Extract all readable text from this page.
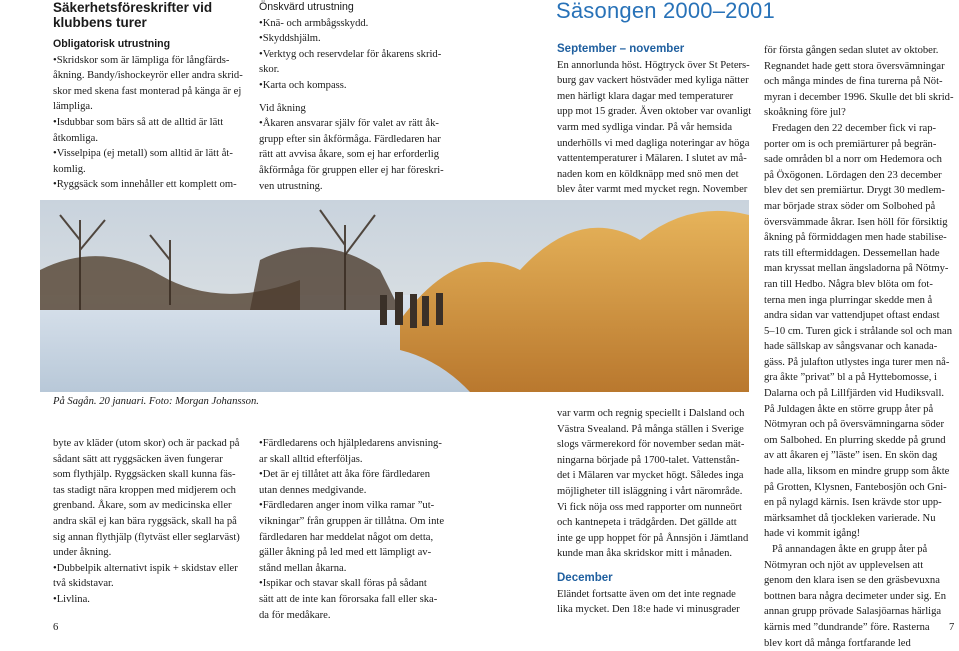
Säkerhetsföreskrifter vid klubbens turer

Obligatorisk utrustning

•Skridskor som är lämpliga för långfärds-
åkning. Bandy/ishockeyrör eller andra skrid-
skor med skena fast monterad på känga är ej
lämpliga.
•Isdubbar som bärs så att de alltid är lätt
åtkomliga.
•Visselpipa (ej metall) som alltid är lätt åt-
komlig.
•Ryggsäck som innehåller ett komplett om-

Önskvärd utrustning

•Knä- och armbågsskydd.
•Skyddshjälm.
•Verktyg och reservdelar för åkarens skrid-
skor.
•Karta och kompass.

Vid åkning

•Åkaren ansvarar själv för valet av rätt åk-
grupp efter sin åkförmåga. Färdledaren har
rätt att avvisa åkare, som ej har erforderlig
åkförmåga för gruppen eller ej har föreskri-
ven utrustning.
Säsongen 2000–2001

September – november

En annorlunda höst. Högtryck över St Peters-
burg gav vackert höstväder med kyliga nätter
men härligt klara dagar med temperaturer
upp mot 15 grader. Även oktober var ovanligt
varm med sydliga vindar. På vår hemsida
underhölls vi med dagliga noteringar av höga
vattentemperaturer i Mälaren. I slutet av må-
naden kom en köldknäpp med snö men det
blev åter varmt med mycket regn. November
för första gången sedan slutet av oktober.
Regnandet hade gett stora översvämningar
och många mindes de fina turerna på Nöt-
myran i december 1996. Skulle det bli skrid-
skoåkning före jul?
Fredagen den 22 december fick vi rap-
porter om is och premiärturer på begrän-
sade områden bl a norr om Hedemora och
på Öxögonen. Lördagen den 23 december
blev det sen premiärtur. Drygt 30 medlem-
mar började strax söder om Solbohed på
översvämmade åkrar. Isen höll för försiktig
åkning på förmiddagen men hade stabilise-
rats till eftermiddagen. Dessemellan hade
man kryssat mellan ängsladorna på Nötmy-
ran till Hedbo. Några blev blöta om fot-
terna men inga plurringar skedde men å
andra sidan var vattendjupet oftast endast
5–10 cm. Turen gick i strålande sol och man
hade sällskap av sångsvanar och kanada-
gäss. På julafton utlystes inga turer men nå-
gra åkte ”privat” bl a på Hyttebomosse, i
Dalarna och på Lillfjärden vid Hudiksvall.
På Juldagen åkte en större grupp åter på
Nötmyran och på översvämningarna söder
om Salbohed. En plurring skedde på grund
av att åkaren ej ”läste” isen. En skön dag
hade alla, liksom en mindre grupp som åkte
på Grotten, Klysnen, Fantebosjön och Gni-
en på nylagd kärnis. Isen krävde stor upp-
märksamhet då tjockleken varierade. Nu
hade vi kommit igång!
På annandagen åkte en grupp åter på
Nötmyran och njöt av upplevelsen att
genom den klara isen se den gräsbevuxna
bottnen bara några decimeter under sig. En
annan grupp prövade Salasjöarnas härliga
kärnis med ”dundrande” före. Rasterna
blev kort då många fortfarande led
På Sagån. 20 januari. Foto: Morgan Johansson.
byte av kläder (utom skor) och är packad på
sådant sätt att ryggsäcken även fungerar
som flythjälp. Ryggsäcken skall kunna fäs-
tas stadigt nära kroppen med midjerem och
grenband. Åkare, som av medicinska eller
andra skäl ej kan bära ryggsäck, skall ha på
sig annan flythjälp (flytväst eller seglarväst)
under åkning.
•Dubbelpik alternativt ispik + skidstav eller
två skidstavar.
•Livlina.
•Färdledarens och hjälpledarens anvisning-
ar skall alltid efterföljas.
•Det är ej tillåtet att åka före färdledaren
utan dennes medgivande.
•Färdledaren anger inom vilka ramar ”ut-
vikningar” från gruppen är tillåtna. Om inte
färdledaren har meddelat något om detta,
gäller åkning på led med ett lämpligt av-
stånd mellan åkarna.
•Ispikar och stavar skall föras på sådant
sätt att de inte kan förorsaka fall eller ska-
da för medåkare.
var varm och regnig speciellt i Dalsland och
Västra Svealand. På många ställen i Sverige
slogs värmerekord för november sedan mät-
ningarna började på 1700-talet. Vattenstån-
det i Mälaren var mycket högt. Således inga
möjligheter till isläggning i vårt närområde.
Vi fick nöja oss med rapporter om nunneört
och kantnepeta i trädgården. Det gällde att
inte ge upp hoppet för på Ånnsjön i Jämtland
kunde man åka skridskor mitt i månaden.

December

Eländet fortsatte även om det inte regnade
lika mycket. Den 18:e hade vi minusgrader
6	7
